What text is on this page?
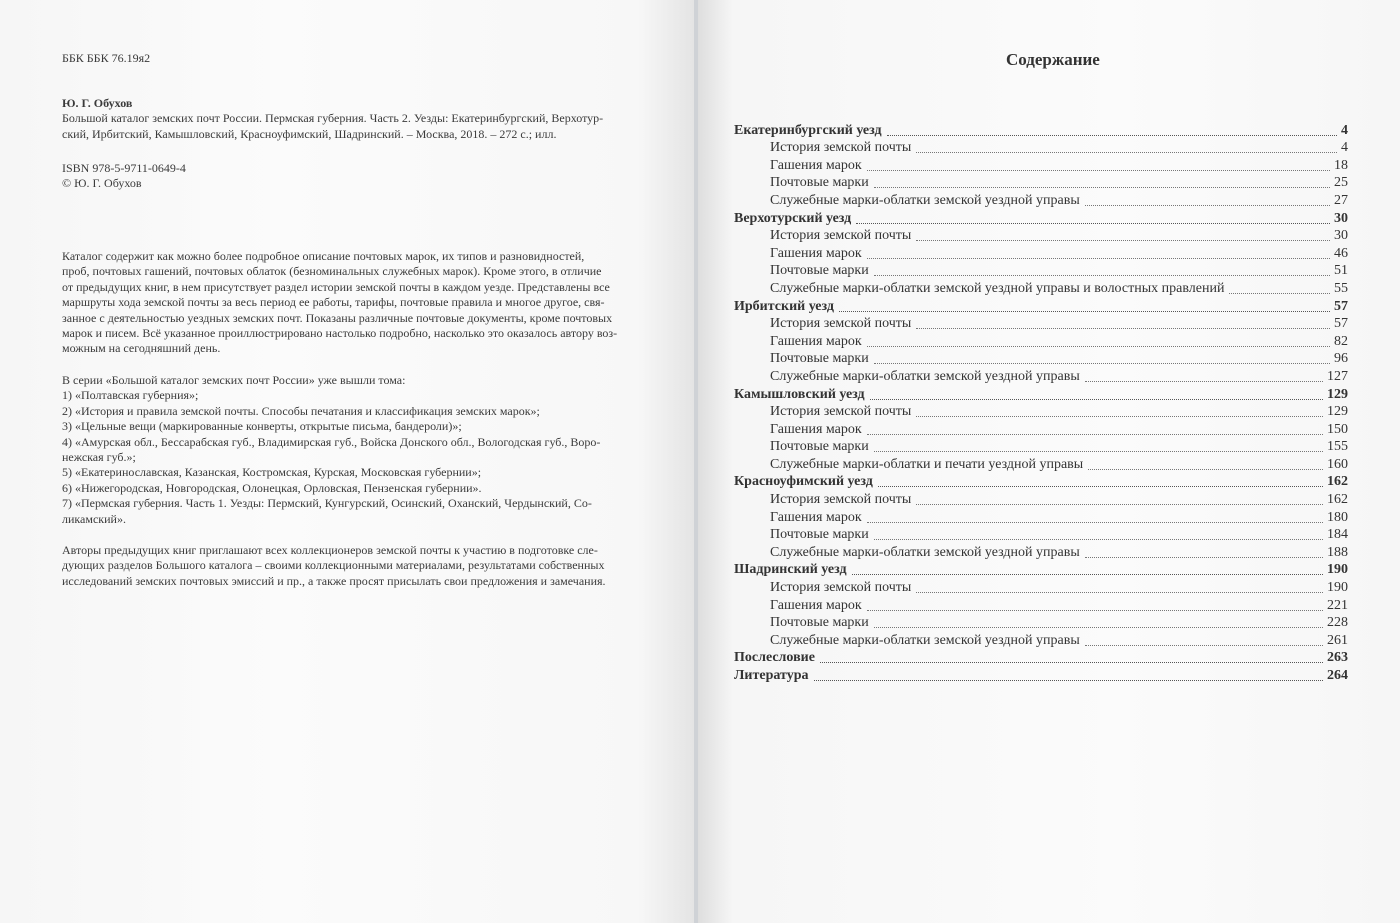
ББК ББК 76.19я2

Ю. Г. Обухов

Большой каталог земских почт России. Пермская губерния. Часть 2. Уезды: Екатеринбургский, Верхотур-

ский, Ирбитский, Камышловский, Красноуфимский, Шадринский. – Москва, 2018. – 272 с.; илл.

ISBN 978-5-9711-0649-4

© Ю. Г. Обухов

Каталог содержит как можно более подробное описание почтовых марок, их типов и разновидностей,

проб, почтовых гашений, почтовых облаток (безноминальных служебных марок). Кроме этого, в отличие

от предыдущих книг, в нем присутствует раздел истории земской почты в каждом уезде. Представлены все

маршруты хода земской почты за весь период ее работы, тарифы, почтовые правила и многое другое, свя-

занное с деятельностью уездных земских почт. Показаны различные почтовые документы, кроме почтовых

марок и писем. Всё указанное проиллюстрировано настолько подробно, насколько это оказалось автору воз-

можным на сегодняшний день.

В серии «Большой каталог земских почт России» уже вышли тома:

1) «Полтавская губерния»;

2) «История и правила земской почты. Способы печатания и классификация земских марок»;

3) «Цельные вещи (маркированные конверты, открытые письма, бандероли)»;

4) «Амурская обл., Бессарабская губ., Владимирская губ., Войска Донского обл., Вологодская губ., Воро-

нежская губ.»;

5) «Екатеринославская, Казанская, Костромская, Курская, Московская губернии»;

6) «Нижегородская, Новгородская, Олонецкая, Орловская, Пензенская губернии».

7) «Пермская губерния. Часть 1. Уезды: Пермский, Кунгурский, Осинский, Оханский, Чердынский, Со-

ликамский».

Авторы предыдущих книг приглашают всех коллекционеров земской почты к участию в подготовке сле-

дующих разделов Большого каталога – своими коллекционными материалами, результатами собственных

исследований земских почтовых эмиссий и пр., а также просят присылать свои предложения и замечания.

Содержание
Екатеринбургский уезд	4
История земской почты	4
Гашения марок	18
Почтовые марки	25
Служебные марки-облатки земской уездной управы	27
Верхотурский уезд	30
История земской почты	30
Гашения марок	46
Почтовые марки	51
Служебные марки-облатки земской уездной управы и волостных правлений	55
Ирбитский уезд	57
История земской почты	57
Гашения марок	82
Почтовые марки	96
Служебные марки-облатки земской уездной управы	127
Камышловский уезд	129
История земской почты	129
Гашения марок	150
Почтовые марки	155
Служебные марки-облатки и печати уездной управы	160
Красноуфимский уезд	162
История земской почты	162
Гашения марок	180
Почтовые марки	184
Служебные марки-облатки земской уездной управы	188
Шадринский уезд	190
История земской почты	190
Гашения марок	221
Почтовые марки	228
Служебные марки-облатки земской уездной управы	261
Послесловие	263
Литература	264
